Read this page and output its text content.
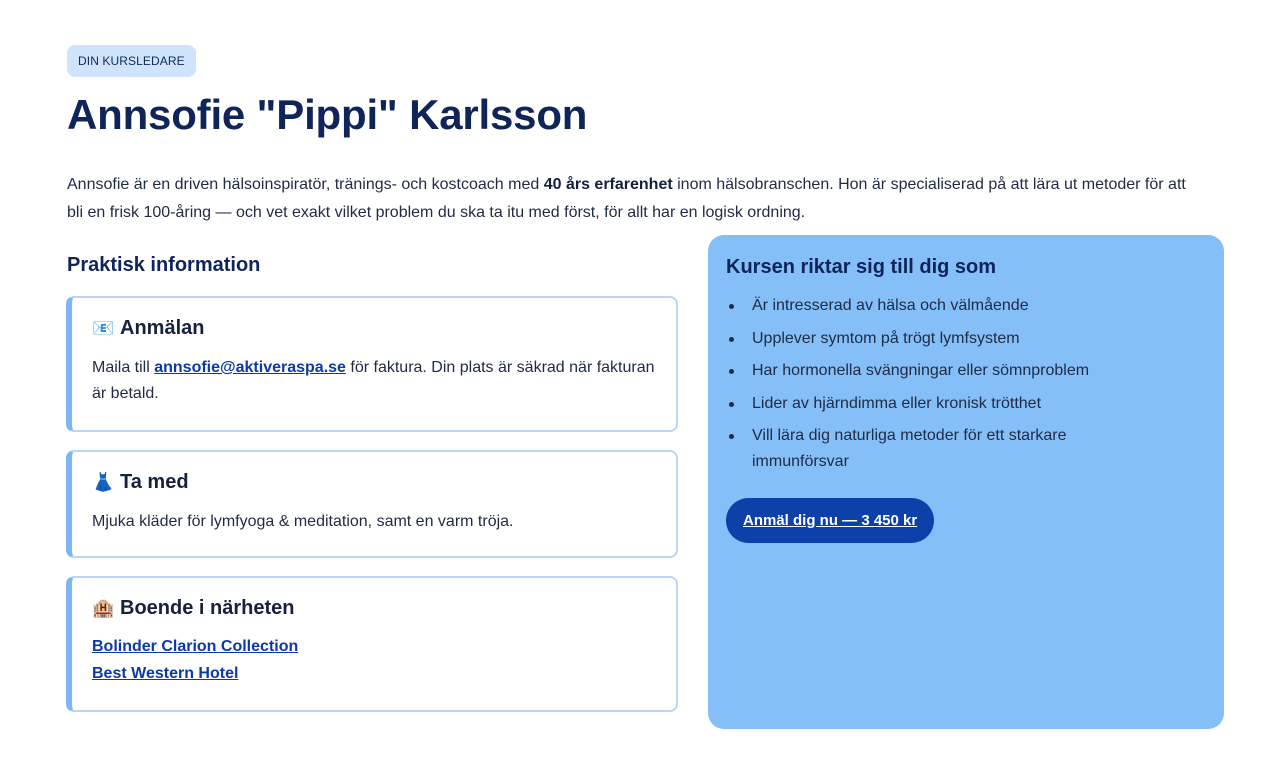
DIN KURSLEDARE
Annsofie "Pippi" Karlsson

Annsofie är en driven hälsoinspiratör, tränings- och kostcoach med 40 års erfarenhet inom hälsobranschen. Hon är specialiserad på att lära ut metoder för att bli en frisk 100-åring — och vet exakt vilket problem du ska ta itu med först, för allt har en logisk ordning.

Praktisk information
📧 Anmälan

Maila till annsofie@aktiveraspa.se för faktura. Din plats är säkrad när fakturan är betald.

👗 Ta med

Mjuka kläder för lymfyoga & meditation, samt en varm tröja.

🏨 Boende i närheten
Bolinder Clarion Collection
Best Western Hotel
Kursen riktar sig till dig som
Är intresserad av hälsa och välmående
Upplever symtom på trögt lymfsystem
Har hormonella svängningar eller sömnproblem
Lider av hjärndimma eller kronisk trötthet
Vill lära dig naturliga metoder för ett starkare immunförsvar
Anmäl dig nu — 3 450 kr
